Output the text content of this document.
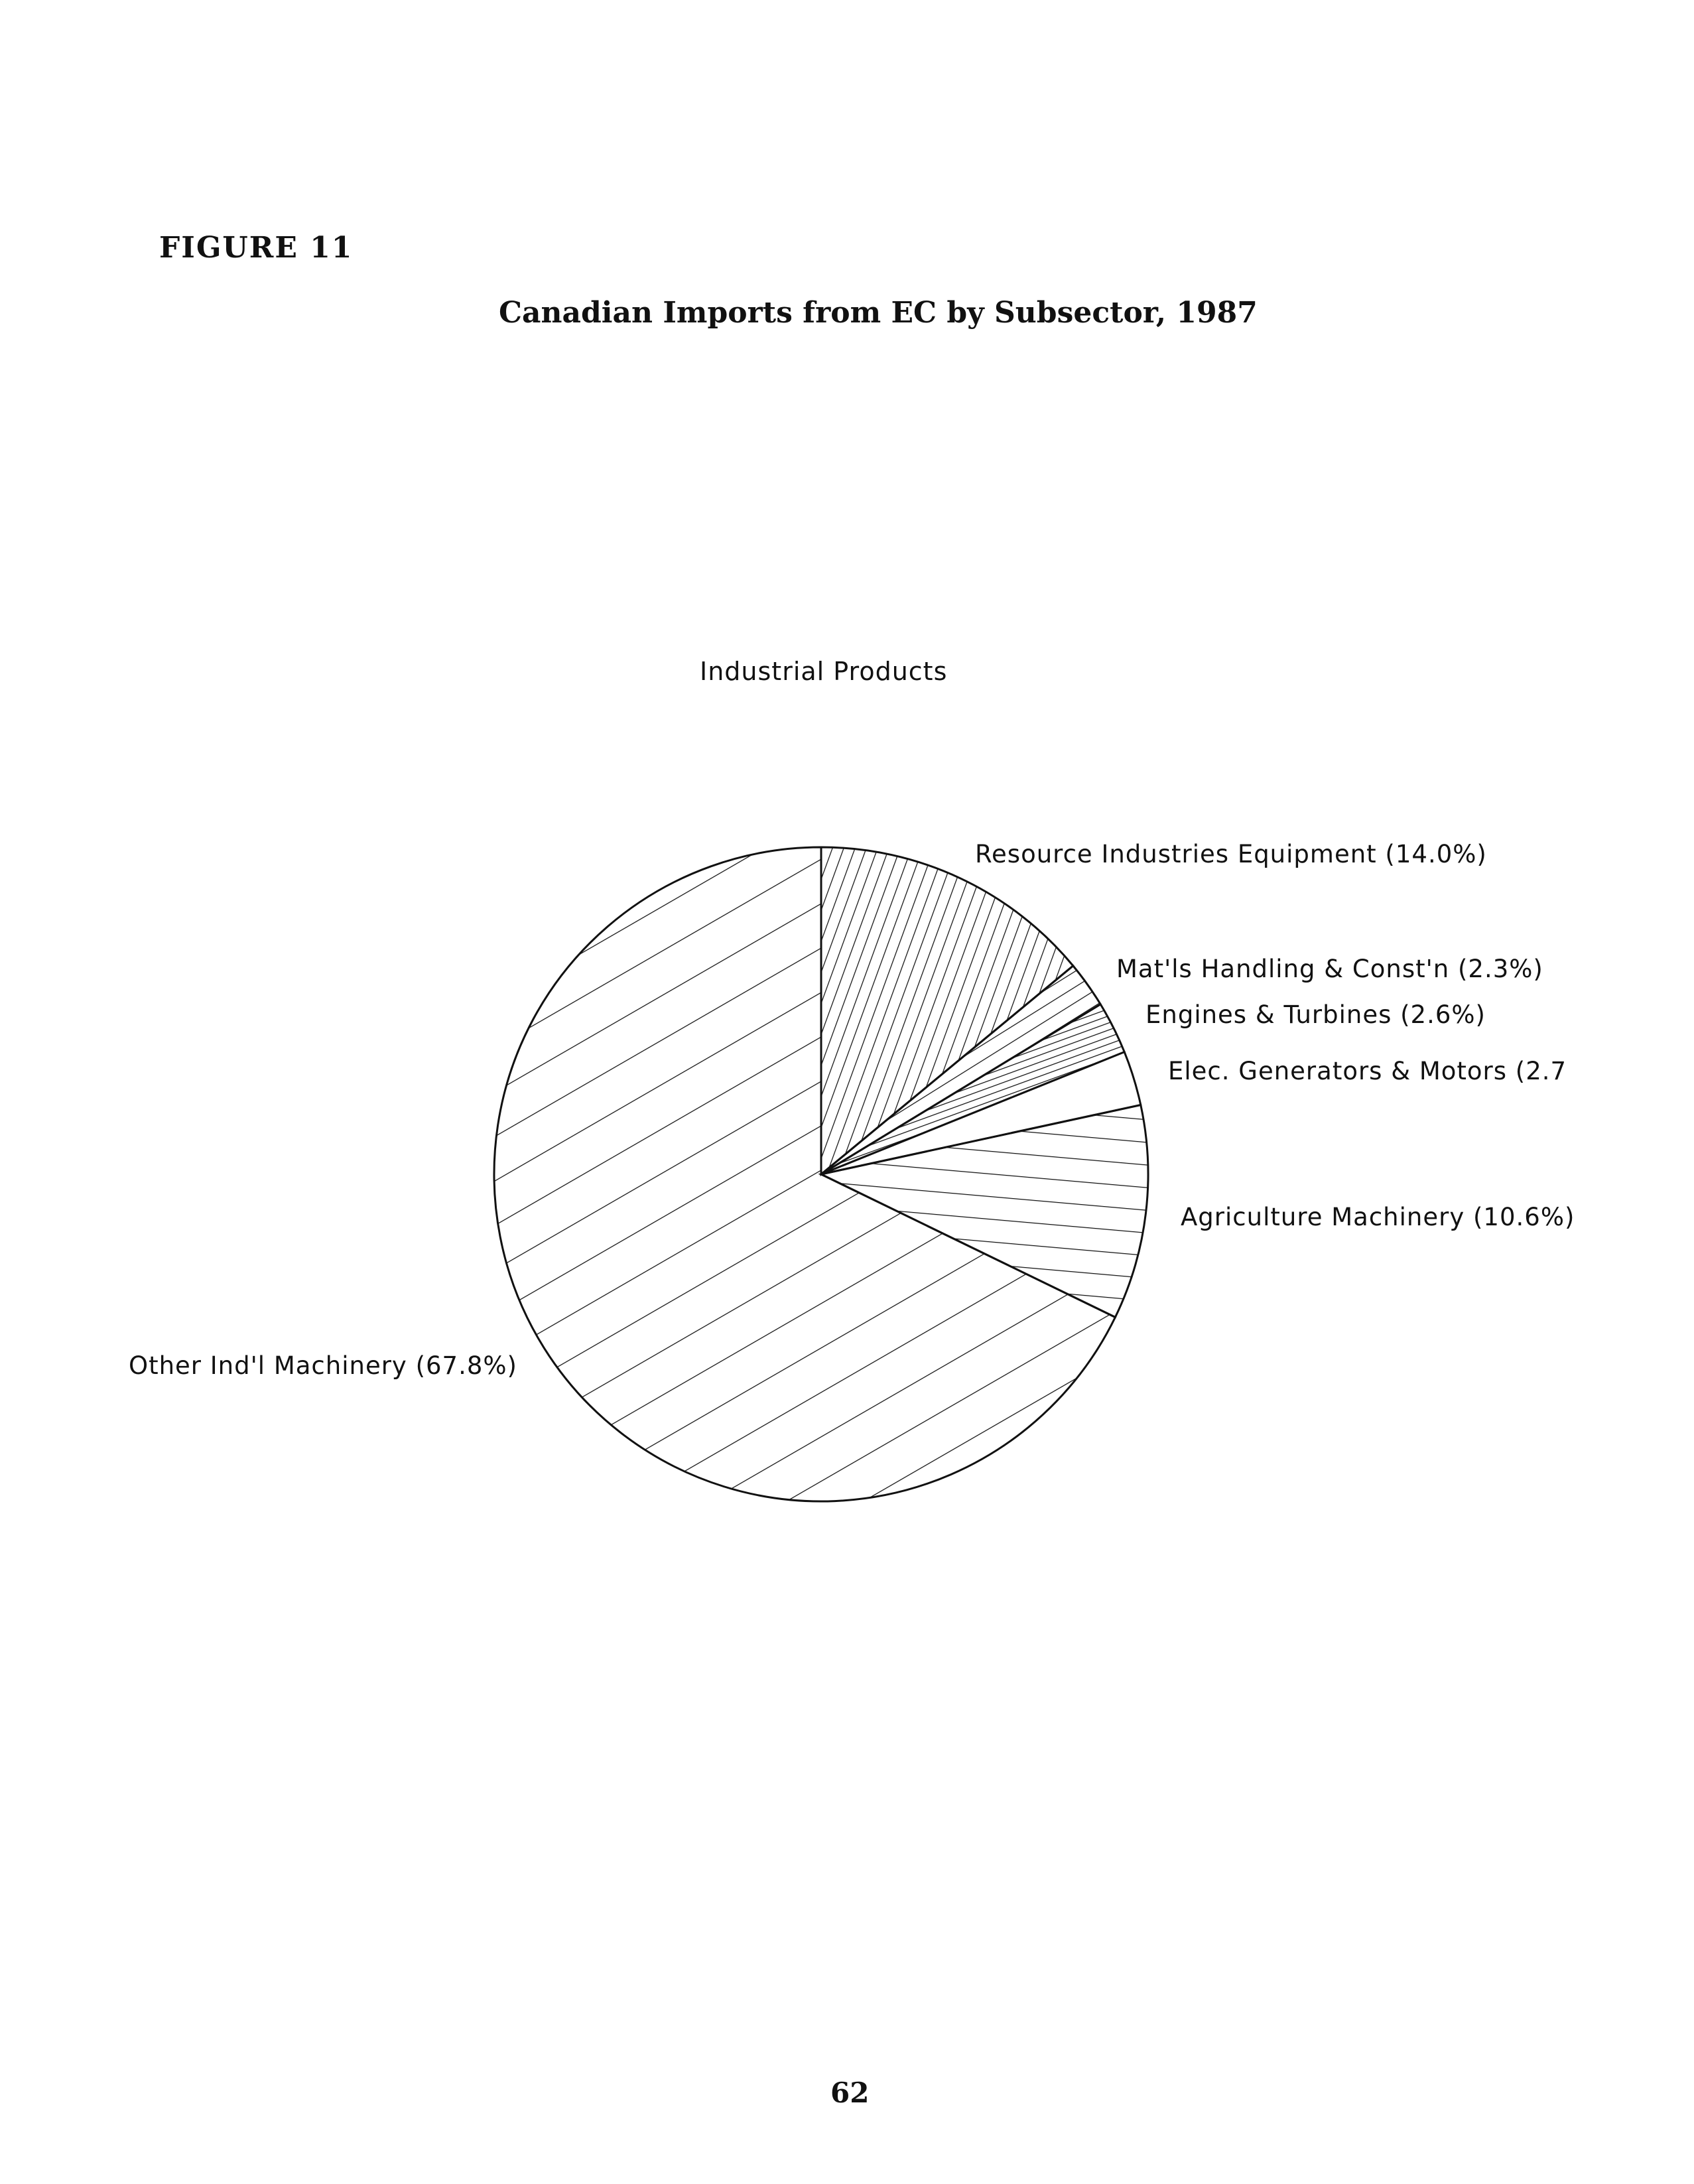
FIGURE 11
Canadian Imports from EC by Subsector, 1987
Industrial Products
Resource Industries Equipment (14.0%)
Mat'ls Handling & Const'n (2.3%)
Engines & Turbines (2.6%)
Elec. Generators & Motors (2.7
Agriculture Machinery (10.6%)
Other Ind'l Machinery (67.8%)
62
